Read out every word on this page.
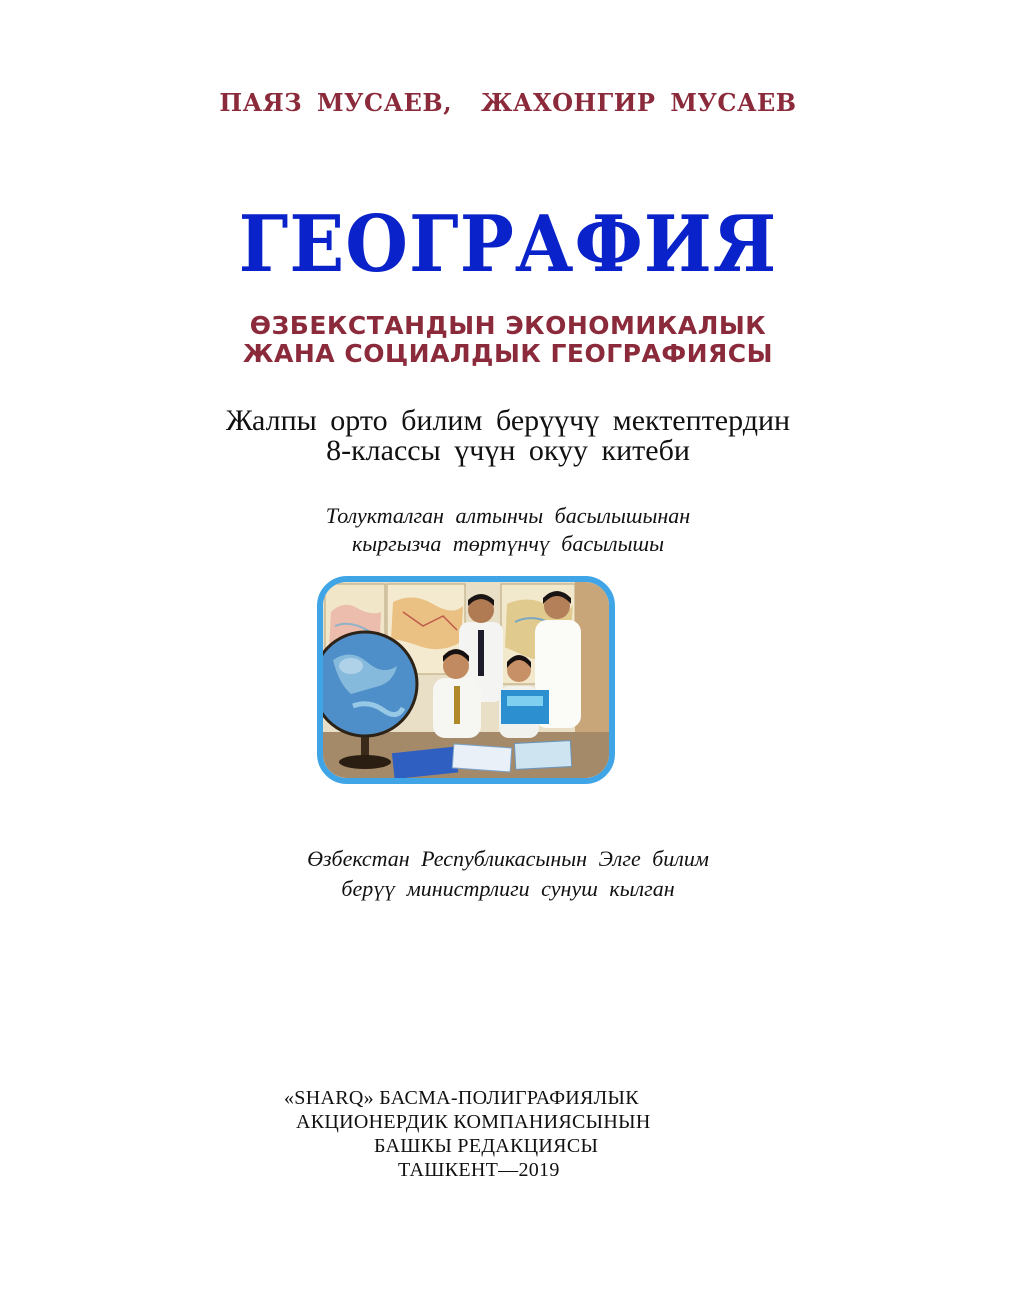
ПАЯЗ МУСАЕВ, ЖАХОНГИР МУСАЕВ
ГЕОГРАФИЯ
ӨЗБЕКСТАНДЫН ЭКОНОМИКАЛЫК
ЖАНА СОЦИАЛДЫК ГЕОГРАФИЯСЫ
Жалпы орто билим берүүчү мектептердин
8-классы үчүн окуу китеби
Толукталган алтынчы басылышынан
кыргызча төртүнчү басылышы
Өзбекстан Республикасынын Элге билим
берүү министрлиги сунуш кылган
«SHARQ» БАСМА-ПОЛИГРАФИЯЛЫК
АКЦИОНЕРДИК КОМПАНИЯСЫНЫН
БАШКЫ РЕДАКЦИЯСЫ
ТАШКЕНТ—2019
